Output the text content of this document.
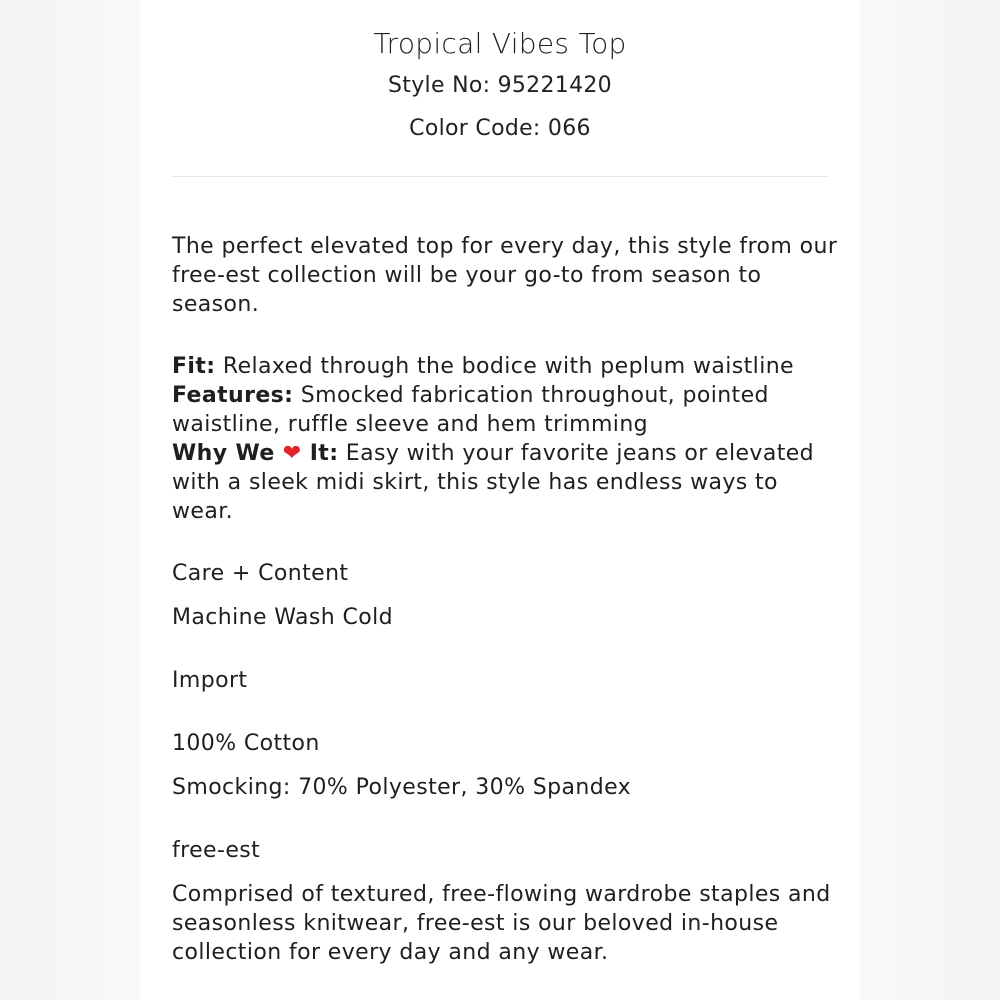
Tropical Vibes Top
Style No: 95221420
Color Code: 066

The perfect elevated top for every day, this style from our free-est collection will be your go-to from season to season.

Fit: Relaxed through the bodice with peplum waistline
Features: Smocked fabrication throughout, pointed waistline, ruffle sleeve and hem trimming
Why We ❤ It: Easy with your favorite jeans or elevated with a sleek midi skirt, this style has endless ways to wear.

Care + Content

Machine Wash Cold

Import

100% Cotton

Smocking: 70% Polyester, 30% Spandex

free-est

Comprised of textured, free-flowing wardrobe staples and seasonless knitwear, free-est is our beloved in-house collection for every day and any wear.
